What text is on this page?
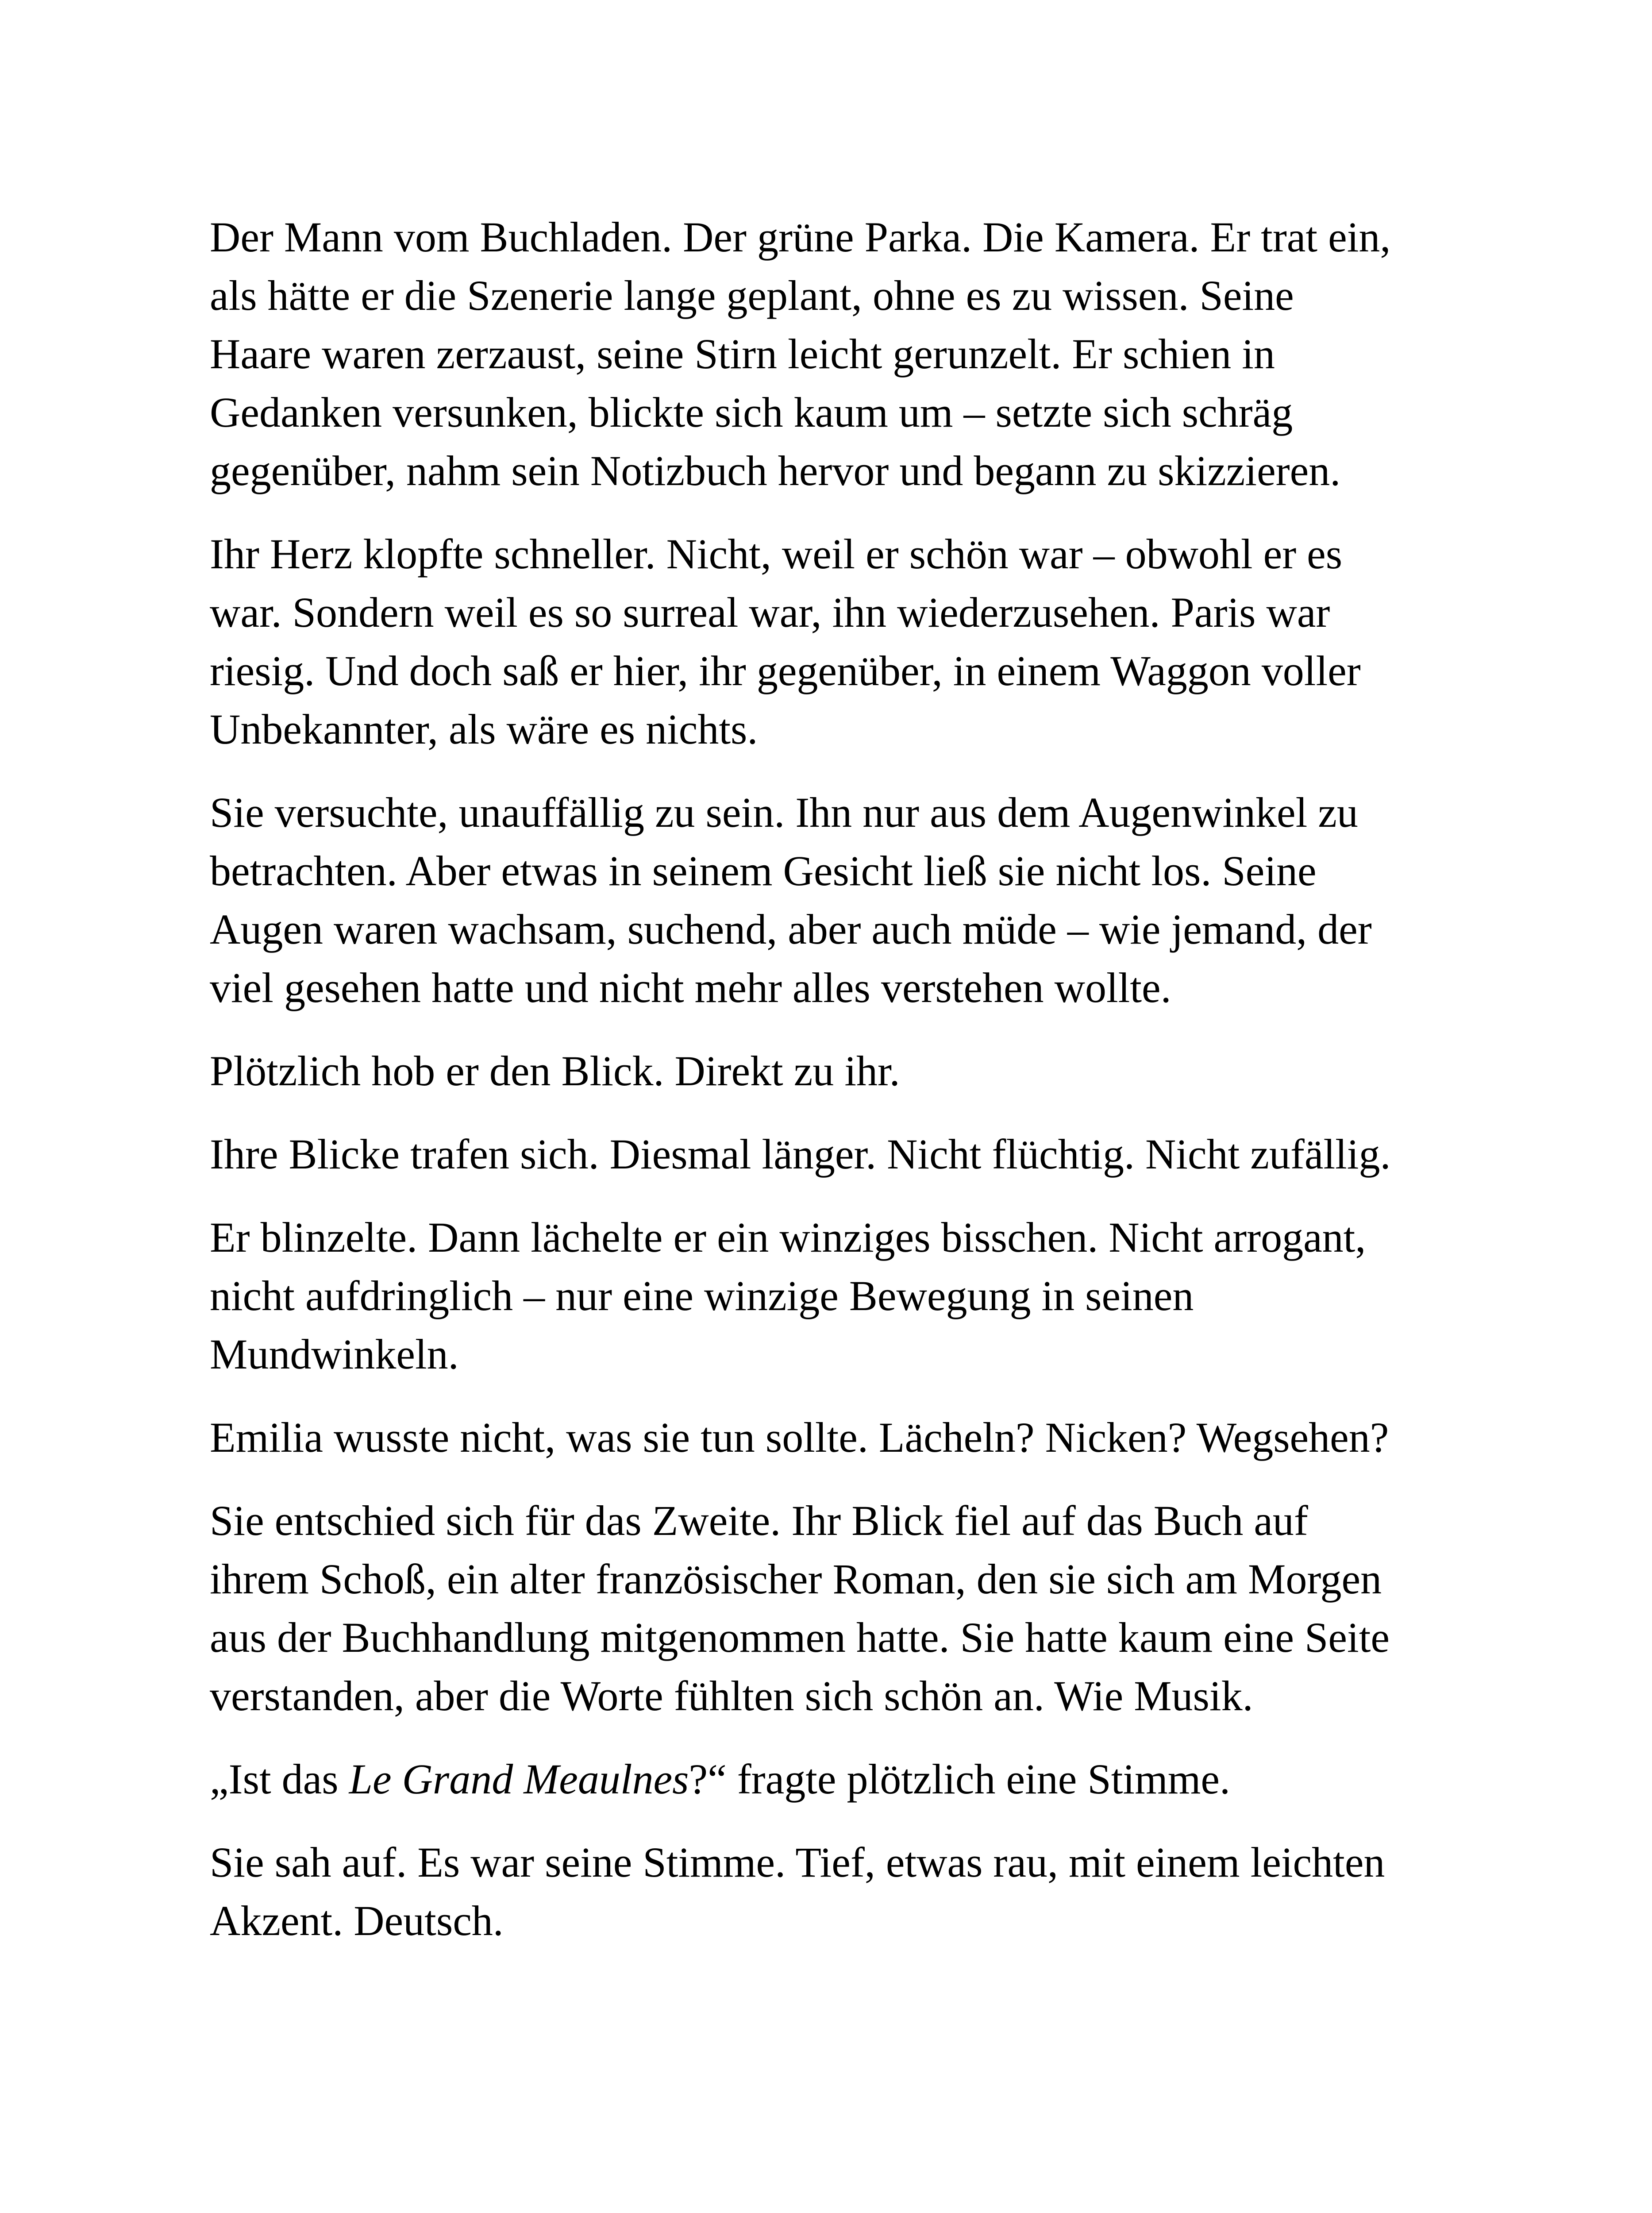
Der Mann vom Buchladen. Der grüne Parka. Die Kamera. Er trat ein,
als hätte er die Szenerie lange geplant, ohne es zu wissen. Seine
Haare waren zerzaust, seine Stirn leicht gerunzelt. Er schien in
Gedanken versunken, blickte sich kaum um – setzte sich schräg
gegenüber, nahm sein Notizbuch hervor und begann zu skizzieren.

Ihr Herz klopfte schneller. Nicht, weil er schön war – obwohl er es
war. Sondern weil es so surreal war, ihn wiederzusehen. Paris war
riesig. Und doch saß er hier, ihr gegenüber, in einem Waggon voller
Unbekannter, als wäre es nichts.

Sie versuchte, unauffällig zu sein. Ihn nur aus dem Augenwinkel zu
betrachten. Aber etwas in seinem Gesicht ließ sie nicht los. Seine
Augen waren wachsam, suchend, aber auch müde – wie jemand, der
viel gesehen hatte und nicht mehr alles verstehen wollte.

Plötzlich hob er den Blick. Direkt zu ihr.

Ihre Blicke trafen sich. Diesmal länger. Nicht flüchtig. Nicht zufällig.

Er blinzelte. Dann lächelte er ein winziges bisschen. Nicht arrogant,
nicht aufdringlich – nur eine winzige Bewegung in seinen
Mundwinkeln.

Emilia wusste nicht, was sie tun sollte. Lächeln? Nicken? Wegsehen?

Sie entschied sich für das Zweite. Ihr Blick fiel auf das Buch auf
ihrem Schoß, ein alter französischer Roman, den sie sich am Morgen
aus der Buchhandlung mitgenommen hatte. Sie hatte kaum eine Seite
verstanden, aber die Worte fühlten sich schön an. Wie Musik.

„Ist das Le Grand Meaulnes?“ fragte plötzlich eine Stimme.

Sie sah auf. Es war seine Stimme. Tief, etwas rau, mit einem leichten
Akzent. Deutsch.
